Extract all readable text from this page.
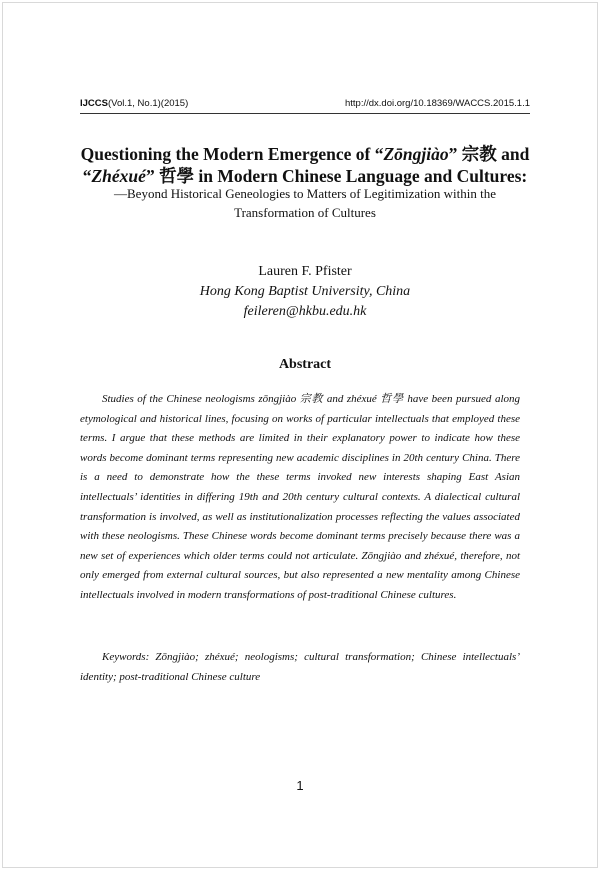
IJCCS(Vol.1, No.1)(2015)	http://dx.doi.org/10.18369/WACCS.2015.1.1
Questioning the Modern Emergence of “Zōngjiào” 宗教 and
“Zhéxué” 哲學 in Modern Chinese Language and Cultures:
—Beyond Historical Geneologies to Matters of Legitimization within the
Transformation of Cultures
Lauren F. Pfister
Hong Kong Baptist University, China
feileren@hkbu.edu.hk
Abstract

Studies of the Chinese neologisms zōngjiào 宗教 and zhéxué 哲學 have been pursued along etymological and historical lines, focusing on works of particular intellectuals that employed these terms. I argue that these methods are limited in their explanatory power to indicate how these words become dominant terms representing new academic disciplines in 20th century China. There is a need to demonstrate how the these terms invoked new interests shaping East Asian intellectuals’ identities in differing 19th and 20th century cultural contexts. A dialectical cultural transformation is involved, as well as institutionalization processes reflecting the values associated with these neologisms. These Chinese words become dominant terms precisely because there was a new set of experiences which older terms could not articulate. Zōngjiào and zhéxué, therefore, not only emerged from external cultural sources, but also represented a new mentality among Chinese intellectuals involved in modern transformations of post-traditional Chinese cultures.

Keywords: Zōngjiào; zhéxué; neologisms; cultural transformation; Chinese intellectuals’ identity; post-traditional Chinese culture

1
